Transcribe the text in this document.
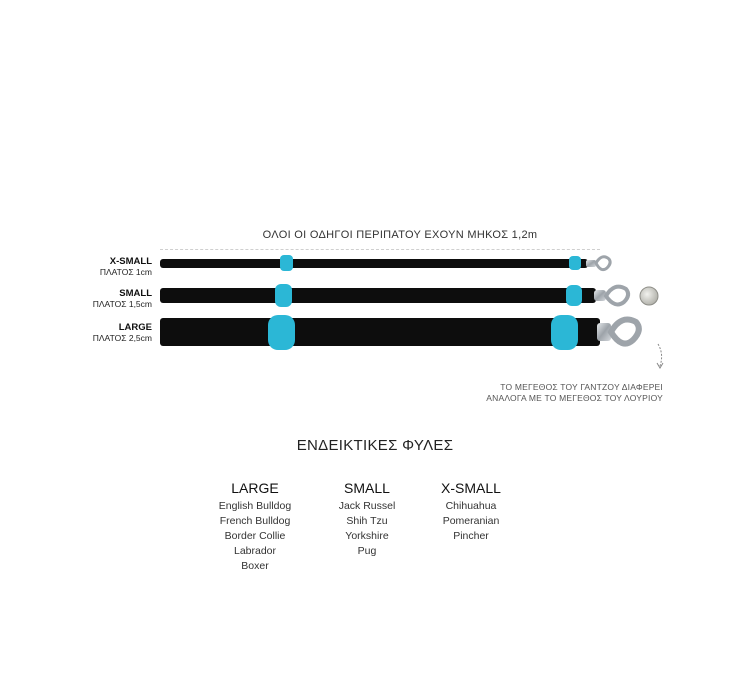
ΟΛΟΙ ΟΙ ΟΔΗΓΟΙ ΠΕΡΙΠΑΤΟΥ ΕΧΟΥΝ ΜΗΚΟΣ 1,2m
X-SMALL
ΠΛΑΤΟΣ 1cm
SMALL
ΠΛΑΤΟΣ 1,5cm
LARGE
ΠΛΑΤΟΣ 2,5cm
ΤΟ ΜΕΓΕΘΟΣ ΤΟΥ ΓΑΝΤΖΟΥ ΔΙΑΦΕΡΕΙ
ΑΝΑΛΟΓΑ ΜΕ ΤΟ ΜΕΓΕΘΟΣ ΤΟΥ ΛΟΥΡΙΟΥ
ΕΝΔΕΙΚΤΙΚΕΣ ΦΥΛΕΣ
LARGE
English Bulldog
French Bulldog
Border Collie
Labrador
Boxer
SMALL
Jack Russel
Shih Tzu
Yorkshire
Pug
X-SMALL
Chihuahua
Pomeranian
Pincher
